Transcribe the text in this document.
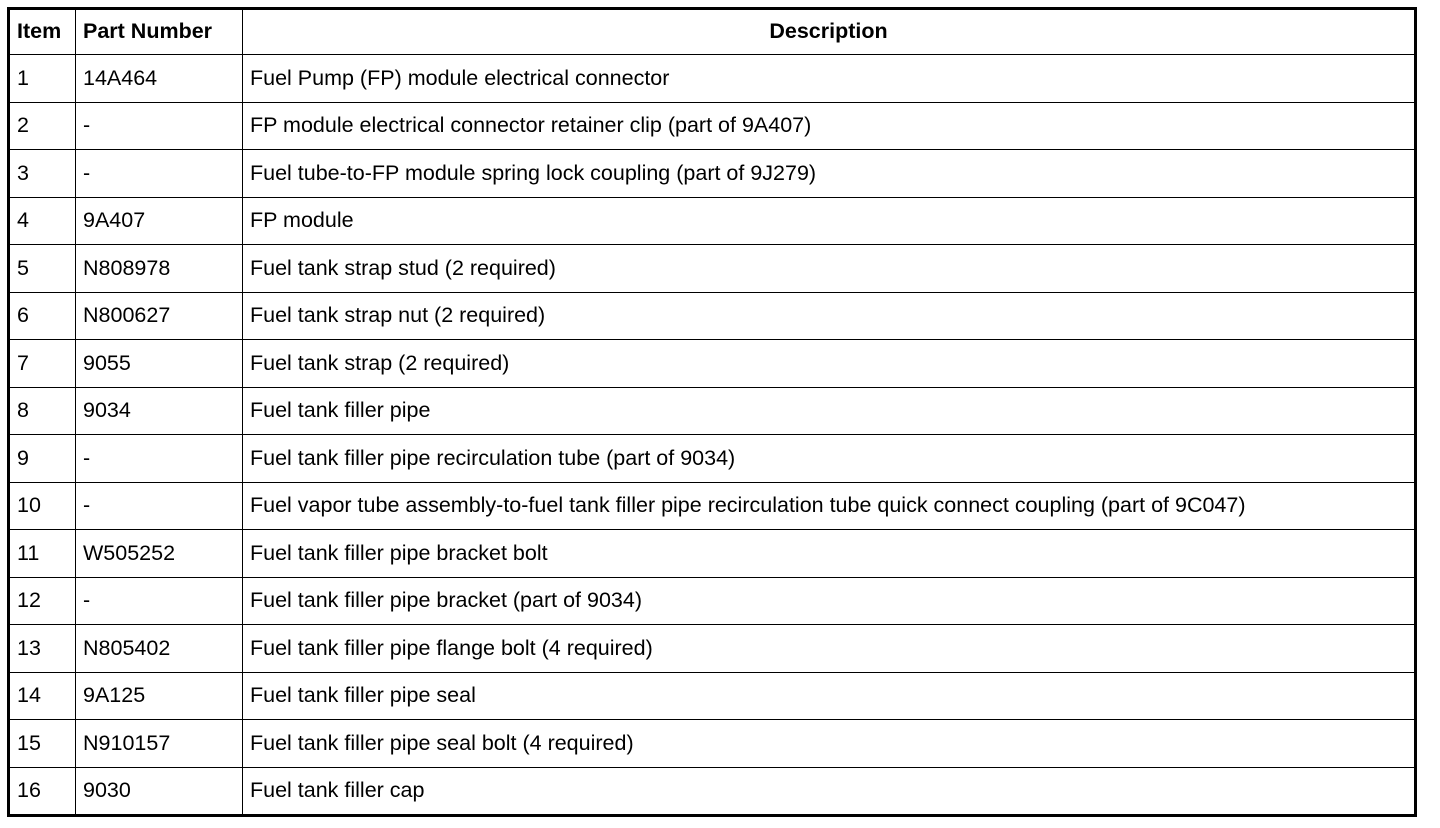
Item	Part Number	Description
1	14A464	Fuel Pump (FP) module electrical connector
2	-	FP module electrical connector retainer clip (part of 9A407)
3	-	Fuel tube-to-FP module spring lock coupling (part of 9J279)
4	9A407	FP module
5	N808978	Fuel tank strap stud (2 required)
6	N800627	Fuel tank strap nut (2 required)
7	9055	Fuel tank strap (2 required)
8	9034	Fuel tank filler pipe
9	-	Fuel tank filler pipe recirculation tube (part of 9034)
10	-	Fuel vapor tube assembly-to-fuel tank filler pipe recirculation tube quick connect coupling (part of 9C047)
11	W505252	Fuel tank filler pipe bracket bolt
12	-	Fuel tank filler pipe bracket (part of 9034)
13	N805402	Fuel tank filler pipe flange bolt (4 required)
14	9A125	Fuel tank filler pipe seal
15	N910157	Fuel tank filler pipe seal bolt (4 required)
16	9030	Fuel tank filler cap
